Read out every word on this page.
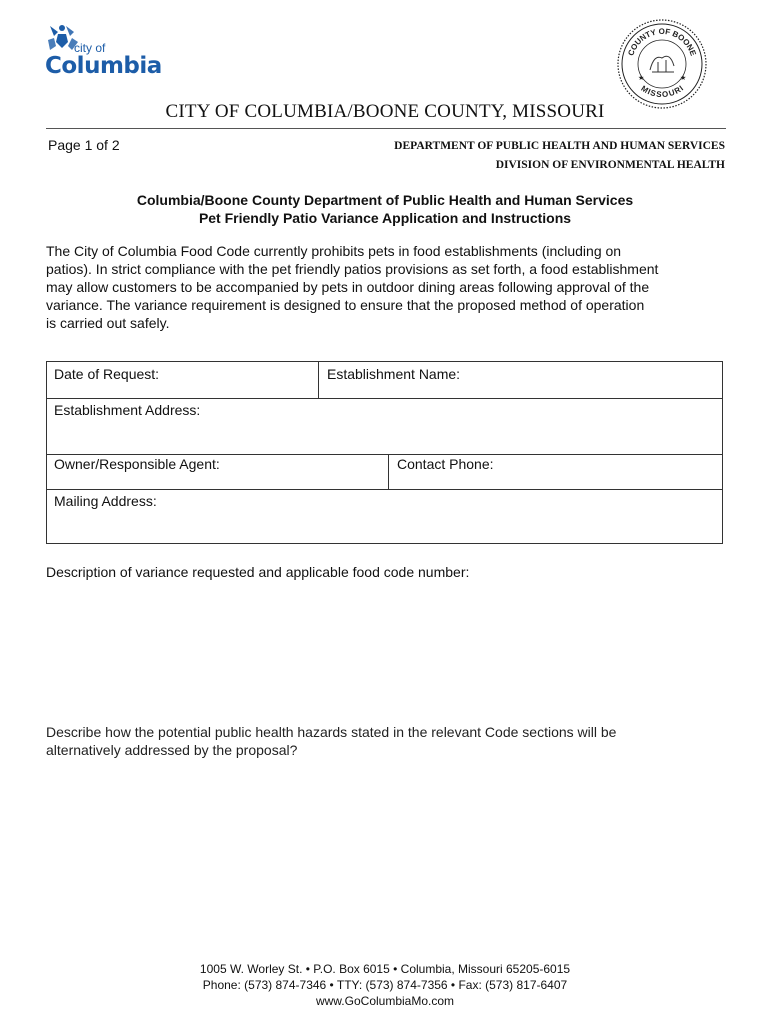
city of
Columbia
COUNTY OF BOONE
MISSOURI
★	★
CITY OF COLUMBIA/BOONE COUNTY, MISSOURI
Page 1 of 2	DEPARTMENT OF PUBLIC HEALTH AND HUMAN SERVICES
DIVISION OF ENVIRONMENTAL HEALTH
Columbia/Boone County Department of Public Health and Human Services
Pet Friendly Patio Variance Application and Instructions
The City of Columbia Food Code currently prohibits pets in food establishments (including on
patios). In strict compliance with the pet friendly patios provisions as set forth, a food establishment
may allow customers to be accompanied by pets in outdoor dining areas following approval of the
variance. The variance requirement is designed to ensure that the proposed method of operation
is carried out safely.
Date of Request:	Establishment Name:
Establishment Address:
Owner/Responsible Agent:	Contact Phone:
Mailing Address:
Description of variance requested and applicable food code number:
Describe how the potential public health hazards stated in the relevant Code sections will be
alternatively addressed by the proposal?
1005 W. Worley St. • P.O. Box 6015 • Columbia, Missouri 65205-6015
Phone: (573) 874-7346 • TTY: (573) 874-7356 • Fax: (573) 817-6407
www.GoColumbiaMo.com
